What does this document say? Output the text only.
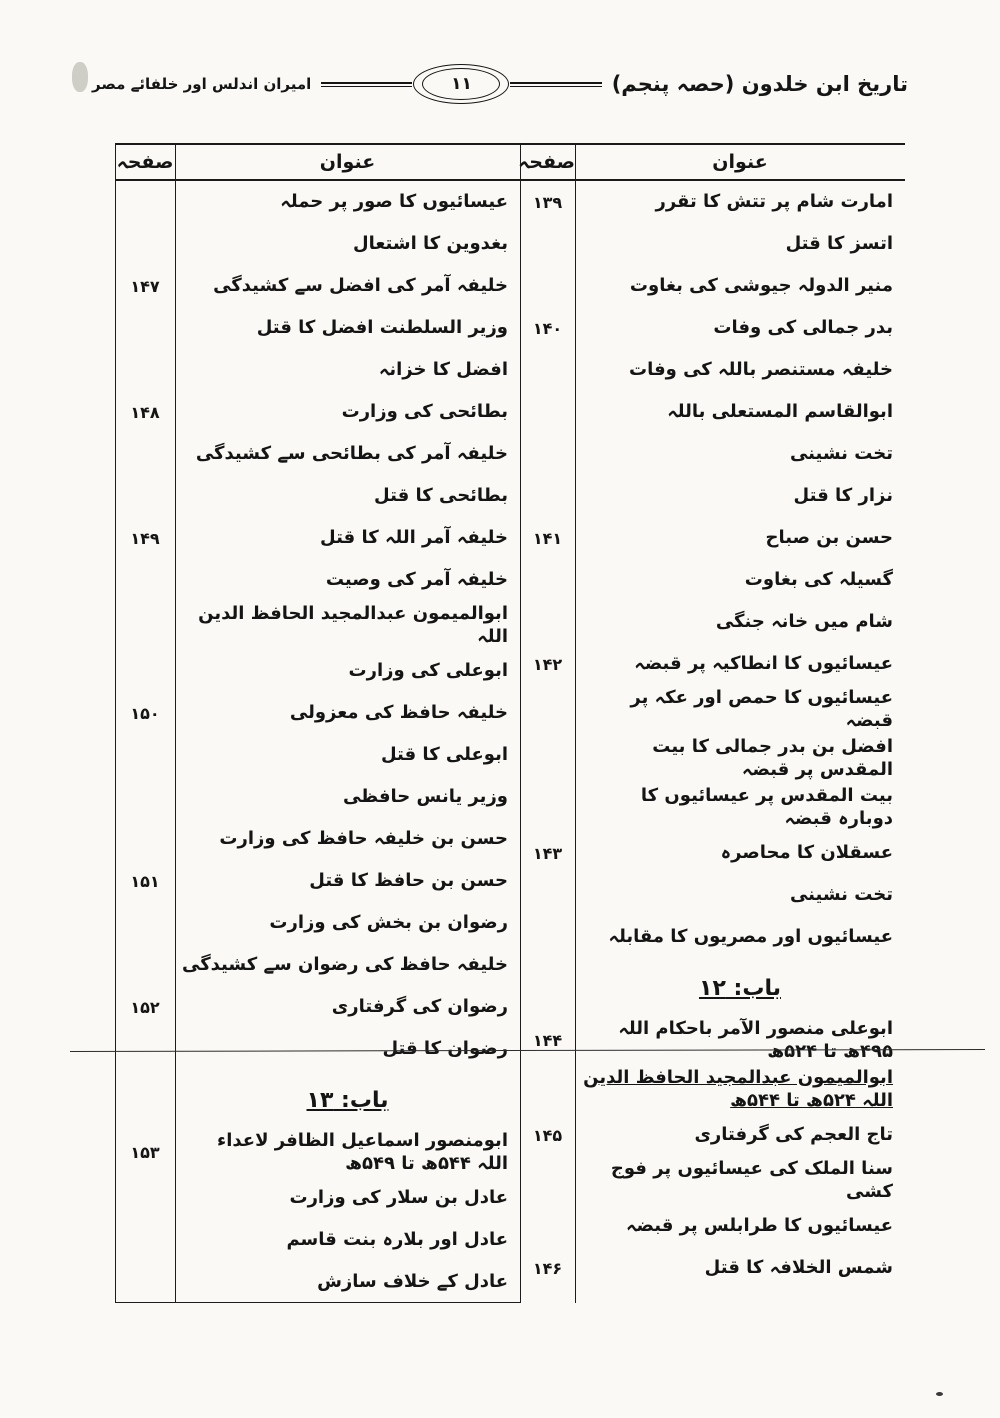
تاریخ ابن خلدون (حصہ پنجم)
۱۱
امیران اندلس اور خلفائے مصر
عنوان
صفحہ
عنوان
صفحہ
امارت شام پر تتش کا تقرر
۱۳۹
اتسز کا قتل
منیر الدولہ جیوشی کی بغاوت
بدر جمالی کی وفات
۱۴۰
خلیفہ مستنصر باللہ کی وفات
ابوالقاسم المستعلی باللہ
تخت نشینی
نزار کا قتل
حسن بن صباح
۱۴۱
گسیلہ کی بغاوت
شام میں خانہ جنگی
عیسائیوں کا انطاکیہ پر قبضہ
۱۴۲
عیسائیوں کا حمص اور عکہ پر قبضہ
افضل بن بدر جمالی کا بیت المقدس پر قبضہ
بیت المقدس پر عیسائیوں کا دوبارہ قبضہ
عسقلان کا محاصرہ
۱۴۳
تخت نشینی
عیسائیوں اور مصریوں کا مقابلہ
باب: ۱۲
ابوعلی منصور الآمر باحکام اللہ ۴۹۵ھ تا ۵۲۴ھ
۱۴۴
ابوالمیمون عبدالمجید الحافظ الدین اللہ ۵۲۴ھ تا ۵۴۴ھ
تاج العجم کی گرفتاری
۱۴۵
سنا الملک کی عیسائیوں پر فوج کشی
عیسائیوں کا طرابلس پر قبضہ
شمس الخلافہ کا قتل
۱۴۶
عیسائیوں کا صور پر حملہ
بغدوین کا اشتعال
خلیفہ آمر کی افضل سے کشیدگی
۱۴۷
وزیر السلطنت افضل کا قتل
افضل کا خزانہ
بطائحی کی وزارت
۱۴۸
خلیفہ آمر کی بطائحی سے کشیدگی
بطائحی کا قتل
خلیفہ آمر اللہ کا قتل
۱۴۹
خلیفہ آمر کی وصیت
ابوالمیمون عبدالمجید الحافظ الدین اللہ
ابوعلی کی وزارت
خلیفہ حافظ کی معزولی
۱۵۰
ابوعلی کا قتل
وزیر یانس حافظی
حسن بن خلیفہ حافظ کی وزارت
حسن بن حافظ کا قتل
۱۵۱
رضوان بن بخش کی وزارت
خلیفہ حافظ کی رضوان سے کشیدگی
رضوان کی گرفتاری
۱۵۲
رضوان کا قتل
باب: ۱۳
ابومنصور اسماعیل الظافر لاعداء اللہ ۵۴۴ھ تا ۵۴۹ھ
۱۵۳
عادل بن سلار کی وزارت
عادل اور بلارہ بنت قاسم
عادل کے خلاف سازش
